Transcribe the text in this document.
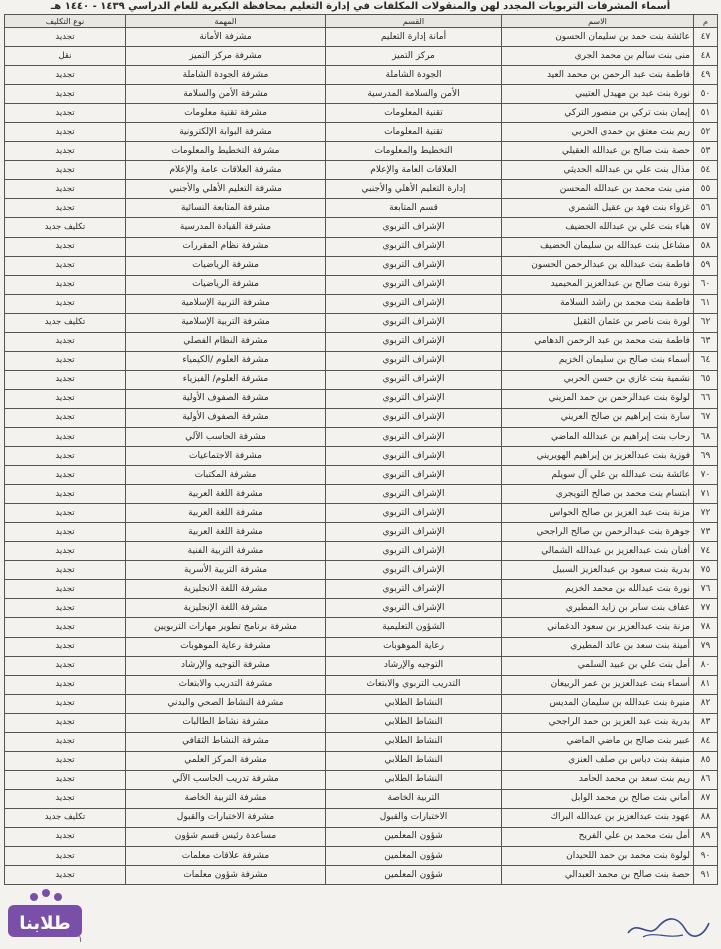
أسماء المشرفات التربويات المجدد لهن والمنقولات المكلفات في إدارة التعليم بمحافظة البكيرية للعام الدراسي ١٤٣٩ - ١٤٤٠ هـ
م	الاسم	القسم	المهمة	نوع التكليف
٤٧	عائشة بنت حمد بن سليمان الحسون	أمانة إدارة التعليم	مشرفة الأمانة	تجديد
٤٨	منى بنت سالم بن محمد الجري	مركز التميز	مشرفة مركز التميز	نقل
٤٩	فاطمة بنت عبد الرحمن بن محمد العيد	الجودة الشاملة	مشرفة الجودة الشاملة	تجديد
٥٠	نورة بنت عبد بن مهيدل العتيبي	الأمن والسلامة المدرسية	مشرفة الأمن والسلامة	تجديد
٥١	إيمان بنت تركي بن منصور التركي	تقنية المعلومات	مشرفة تقنية معلومات	تجديد
٥٢	ريم بنت معتق بن حمدي الحربي	تقنية المعلومات	مشرفة البوابة الإلكترونية	تجديد
٥٣	حصة بنت صالح بن عبدالله العقيلي	التخطيط والمعلومات	مشرفة التخطيط والمعلومات	تجديد
٥٤	مذال بنت علي بن عبدالله الحديثي	العلاقات العامة والإعلام	مشرفة العلاقات عامة والإعلام	تجديد
٥٥	منى بنت محمد بن عبدالله المحسن	إدارة التعليم الأهلي والأجنبي	مشرفة التعليم الأهلي والأجنبي	تجديد
٥٦	غزواء بنت فهد بن عقيل الشمري	قسم المتابعة	مشرفة المتابعة النسائية	تجديد
٥٧	هياء بنت علي بن عبدالله الحضيف	الإشراف التربوي	مشرفة القيادة المدرسية	تكليف جديد
٥٨	مشاعل بنت عبدالله بن سليمان الحضيف	الإشراف التربوي	مشرفة نظام المقررات	تجديد
٥٩	فاطمة بنت عبدالله بن عبدالرحمن الحسون	الإشراف التربوي	مشرفة الرياضيات	تجديد
٦٠	نورة بنت صالح بن عبدالعزيز المحيميد	الإشراف التربوي	مشرفة الرياضيات	تجديد
٦١	فاطمة بنت محمد بن راشد السلامة	الإشراف التربوي	مشرفة التربية الإسلامية	تجديد
٦٢	لورة بنت ناصر بن عثمان الثقيل	الإشراف التربوي	مشرفة التربية الإسلامية	تكليف جديد
٦٣	فاطمة بنت محمد بن عبد الرحمن الدهامي	الإشراف التربوي	مشرفة النظام الفصلي	تجديد
٦٤	أسماء بنت صالح بن سليمان الخزيم	الإشراف التربوي	مشرفة العلوم /الكيمياء	تجديد
٦٥	نشمية بنت غازي بن حسن الحربي	الإشراف التربوي	مشرفة العلوم/ الفيزياء	تجديد
٦٦	لولوة بنت عبدالرحمن بن حمد المزيني	الإشراف التربوي	مشرفة الصفوف الأولية	تجديد
٦٧	سارة بنت إبراهيم بن صالح العريني	الإشراف التربوي	مشرفة الصفوف الأولية	تجديد
٦٨	رحاب بنت إبراهيم بن عبدالله الماضي	الإشراف التربوي	مشرفة الحاسب الآلي	تجديد
٦٩	فوزية بنت عبدالعزيز بن إبراهيم الهويريني	الإشراف التربوي	مشرفة الاجتماعيات	تجديد
٧٠	عائشة بنت عبدالله بن علي آل سويلم	الإشراف التربوي	مشرفة المكتبات	تجديد
٧١	ابتسام بنت محمد بن صالح التويجري	الإشراف التربوي	مشرفة اللغة العربية	تجديد
٧٢	مزنة بنت عبد العزيز بن صالح الحواس	الإشراف التربوي	مشرفة اللغة العربية	تجديد
٧٣	جوهرة بنت عبدالرحمن بن صالح الراجحي	الإشراف التربوي	مشرفة اللغة العربية	تجديد
٧٤	أفنان بنت عبدالعزيز بن عبدالله الشمالي	الإشراف التربوي	مشرفة التربية الفنية	تجديد
٧٥	بدرية بنت سعود بن عبدالعزيز السبيل	الإشراف التربوي	مشرفة التربية الأسرية	تجديد
٧٦	نورة بنت عبدالله بن محمد الخزيم	الإشراف التربوي	مشرفة اللغة الانجليزية	تجديد
٧٧	عفاف بنت سابر بن زايد المطيري	الإشراف التربوي	مشرفة اللغة الإنجليزية	تجديد
٧٨	مزنة بنت عبدالعزيز بن سعود الدغماني	الشؤون التعليمية	مشرفة برنامج تطوير مهارات التربويين	تجديد
٧٩	أمينة بنت سعد بن عائد المطيري	رعاية الموهوبات	مشرفة رعاية الموهوبات	تجديد
٨٠	أمل بنت علي بن عبيد السلمي	التوجيه والإرشاد	مشرفة التوجيه والإرشاد	تجديد
٨١	أسماء بنت عبدالعزيز بن عمر الربيعان	التدريب التربوي والابتعاث	مشرفة التدريب والابتعاث	تجديد
٨٢	منيرة بنت عبدالله بن سليمان المديس	النشاط الطلابي	مشرفة النشاط الصحي والبدني	تجديد
٨٣	بدرية بنت عبد العزيز بن حمد الراجحي	النشاط الطلابي	مشرفة نشاط الطالبات	تجديد
٨٤	عبير بنت صالح بن ماضي الماضي	النشاط الطلابي	مشرفة النشاط الثقافي	تجديد
٨٥	منيفة بنت دباس بن صلف العنزي	النشاط الطلابي	مشرفة المركز العلمي	تجديد
٨٦	ريم بنت سعد بن محمد الحامد	النشاط الطلابي	مشرفة تدريب الحاسب الآلي	تجديد
٨٧	أماني بنت صالح بن محمد الوابل	التربية الخاصة	مشرفة التربية الخاصة	تجديد
٨٨	عهود بنت عبدالعزيز بن عبدالله البراك	الاختبارات والقبول	مشرفة الاختبارات والقبول	تكليف جديد
٨٩	أمل بنت محمد بن علي الفريح	شؤون المعلمين	مساعدة رئيس قسم شؤون	تجديد
٩٠	لولوة بنت محمد بن حمد اللحيدان	شؤون المعلمين	مشرفة علاقات معلمات	تجديد
٩١	حصة بنت صالح بن محمد العبدالي	شؤون المعلمين	مشرفة شؤون معلمات	تجديد
١
طلابنا
